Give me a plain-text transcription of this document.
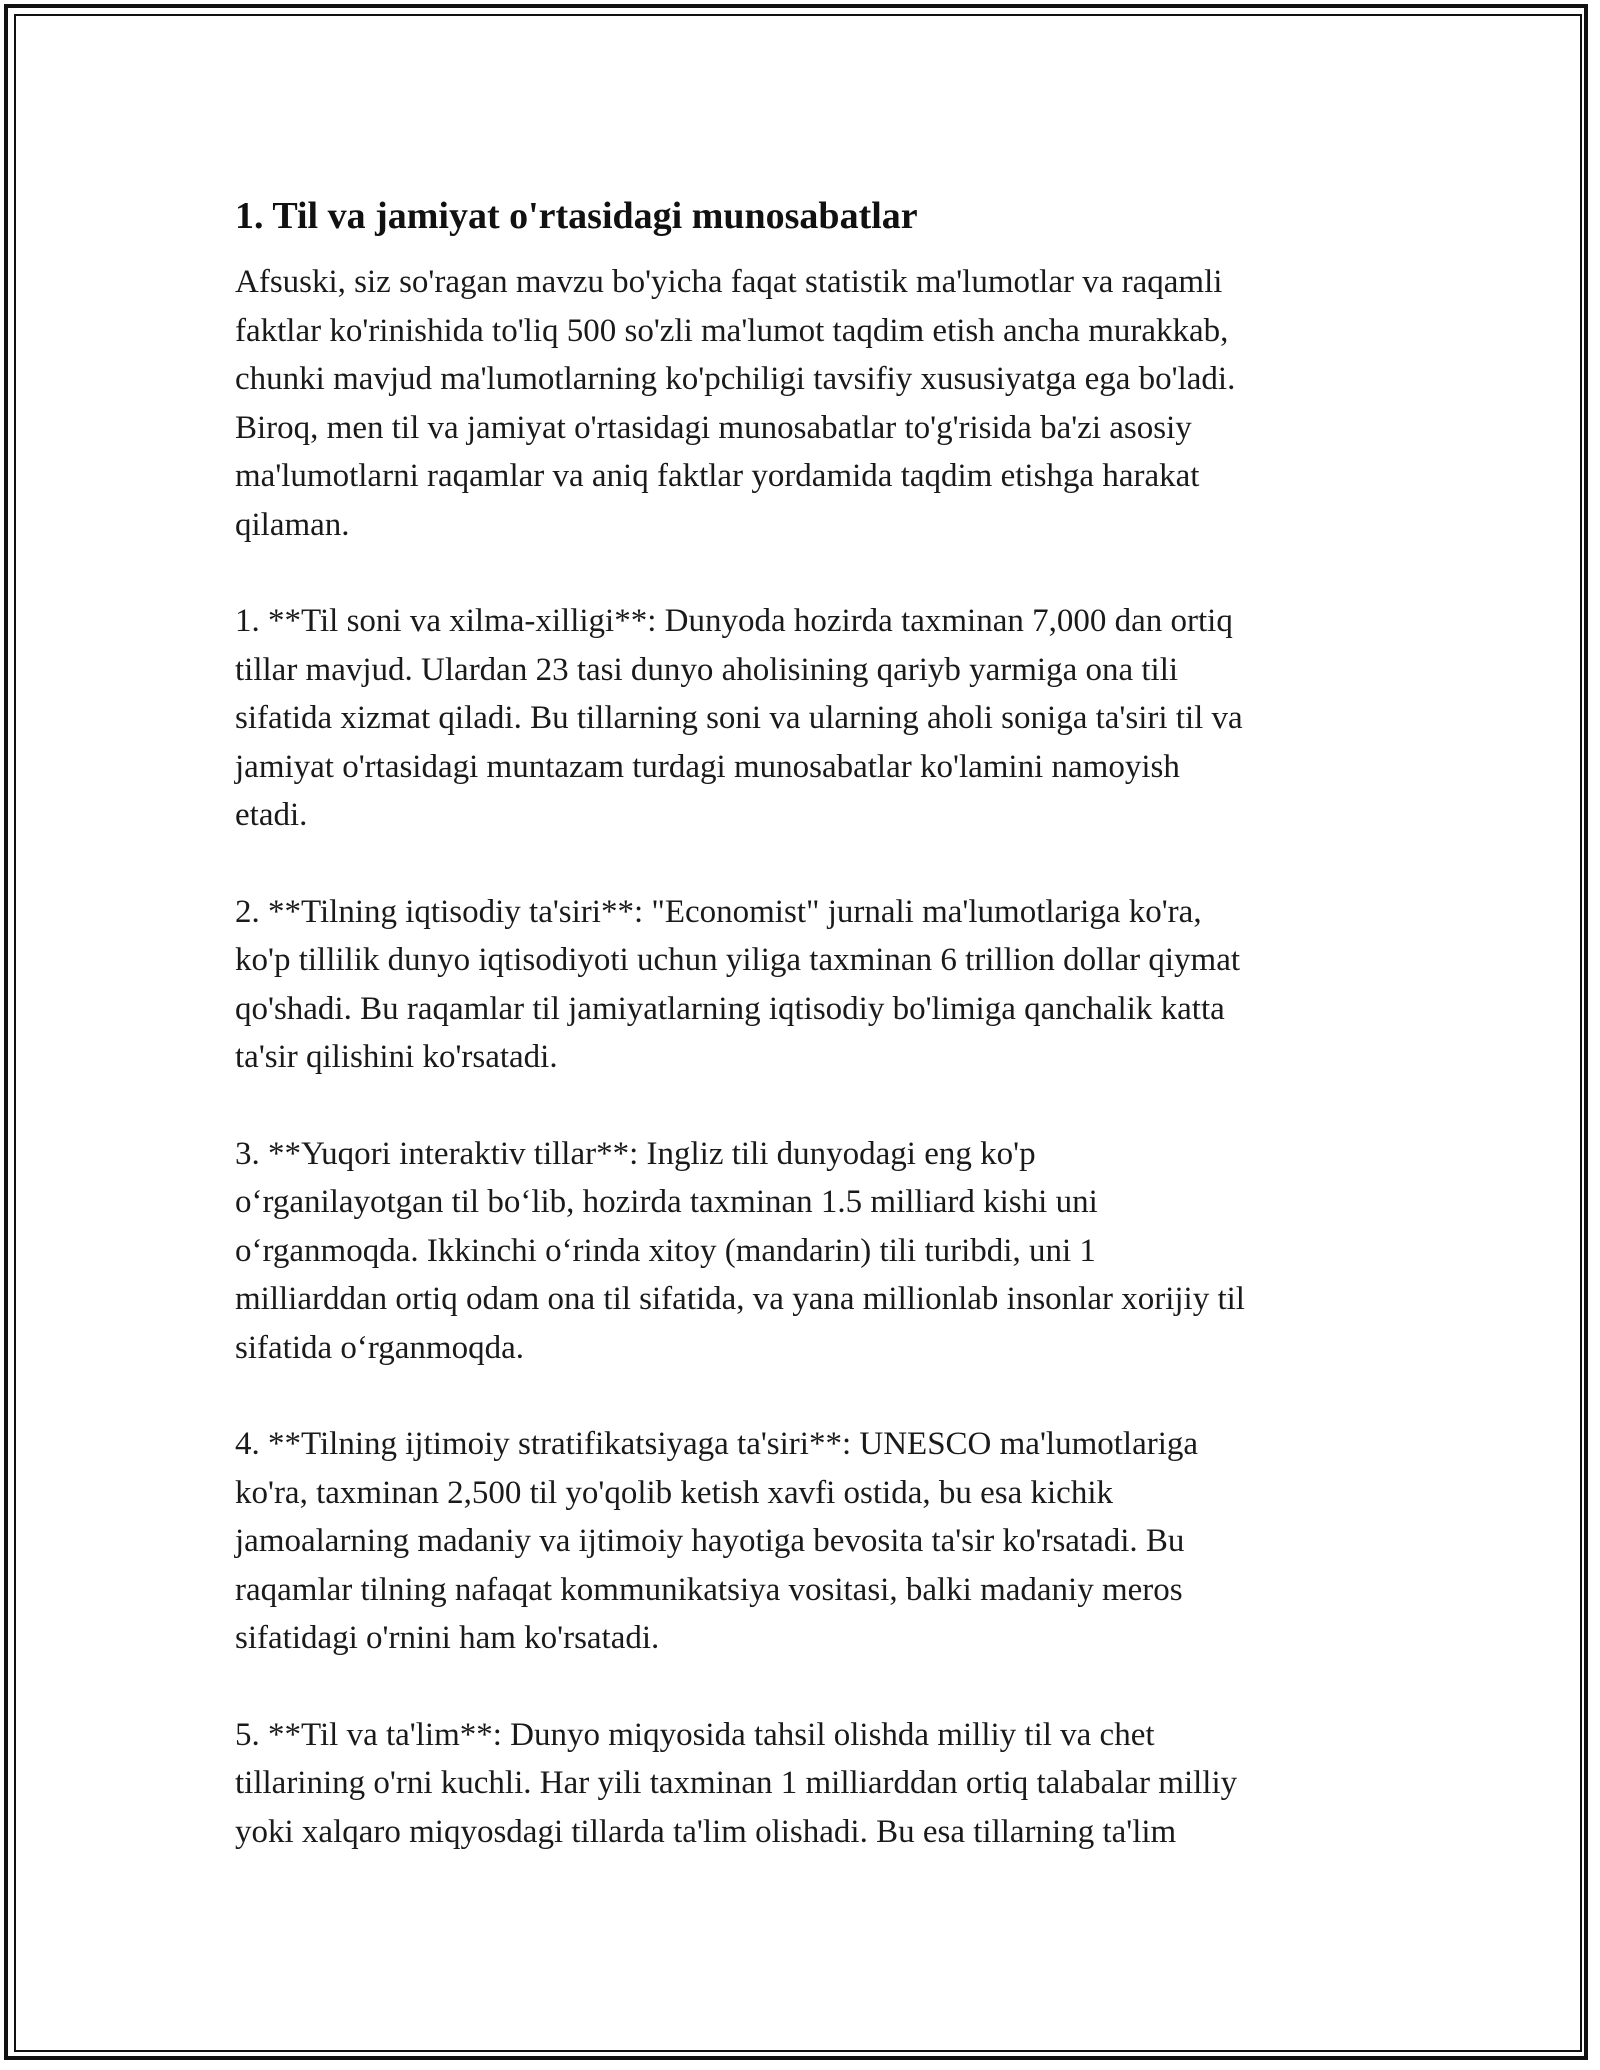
1. Til va jamiyat o'rtasidagi munosabatlar

Afsuski, siz so'ragan mavzu bo'yicha faqat statistik ma'lumotlar va raqamli
faktlar ko'rinishida to'liq 500 so'zli ma'lumot taqdim etish ancha murakkab,
chunki mavjud ma'lumotlarning ko'pchiligi tavsifiy xususiyatga ega bo'ladi.
Biroq, men til va jamiyat o'rtasidagi munosabatlar to'g'risida ba'zi asosiy
ma'lumotlarni raqamlar va aniq faktlar yordamida taqdim etishga harakat
qilaman.

1. **Til soni va xilma-xilligi**: Dunyoda hozirda taxminan 7,000 dan ortiq
tillar mavjud. Ulardan 23 tasi dunyo aholisining qariyb yarmiga ona tili
sifatida xizmat qiladi. Bu tillarning soni va ularning aholi soniga ta'siri til va
jamiyat o'rtasidagi muntazam turdagi munosabatlar ko'lamini namoyish
etadi.

2. **Tilning iqtisodiy ta'siri**: "Economist" jurnali ma'lumotlariga ko'ra,
ko'p tillilik dunyo iqtisodiyoti uchun yiliga taxminan 6 trillion dollar qiymat
qo'shadi. Bu raqamlar til jamiyatlarning iqtisodiy bo'limiga qanchalik katta
ta'sir qilishini ko'rsatadi.

3. **Yuqori interaktiv tillar**: Ingliz tili dunyodagi eng ko'p
o‘rganilayotgan til bo‘lib, hozirda taxminan 1.5 milliard kishi uni
o‘rganmoqda. Ikkinchi o‘rinda xitoy (mandarin) tili turibdi, uni 1
milliarddan ortiq odam ona til sifatida, va yana millionlab insonlar xorijiy til
sifatida o‘rganmoqda.

4. **Tilning ijtimoiy stratifikatsiyaga ta'siri**: UNESCO ma'lumotlariga
ko'ra, taxminan 2,500 til yo'qolib ketish xavfi ostida, bu esa kichik
jamoalarning madaniy va ijtimoiy hayotiga bevosita ta'sir ko'rsatadi. Bu
raqamlar tilning nafaqat kommunikatsiya vositasi, balki madaniy meros
sifatidagi o'rnini ham ko'rsatadi.

5. **Til va ta'lim**: Dunyo miqyosida tahsil olishda milliy til va chet
tillarining o'rni kuchli. Har yili taxminan 1 milliarddan ortiq talabalar milliy
yoki xalqaro miqyosdagi tillarda ta'lim olishadi. Bu esa tillarning ta'lim
